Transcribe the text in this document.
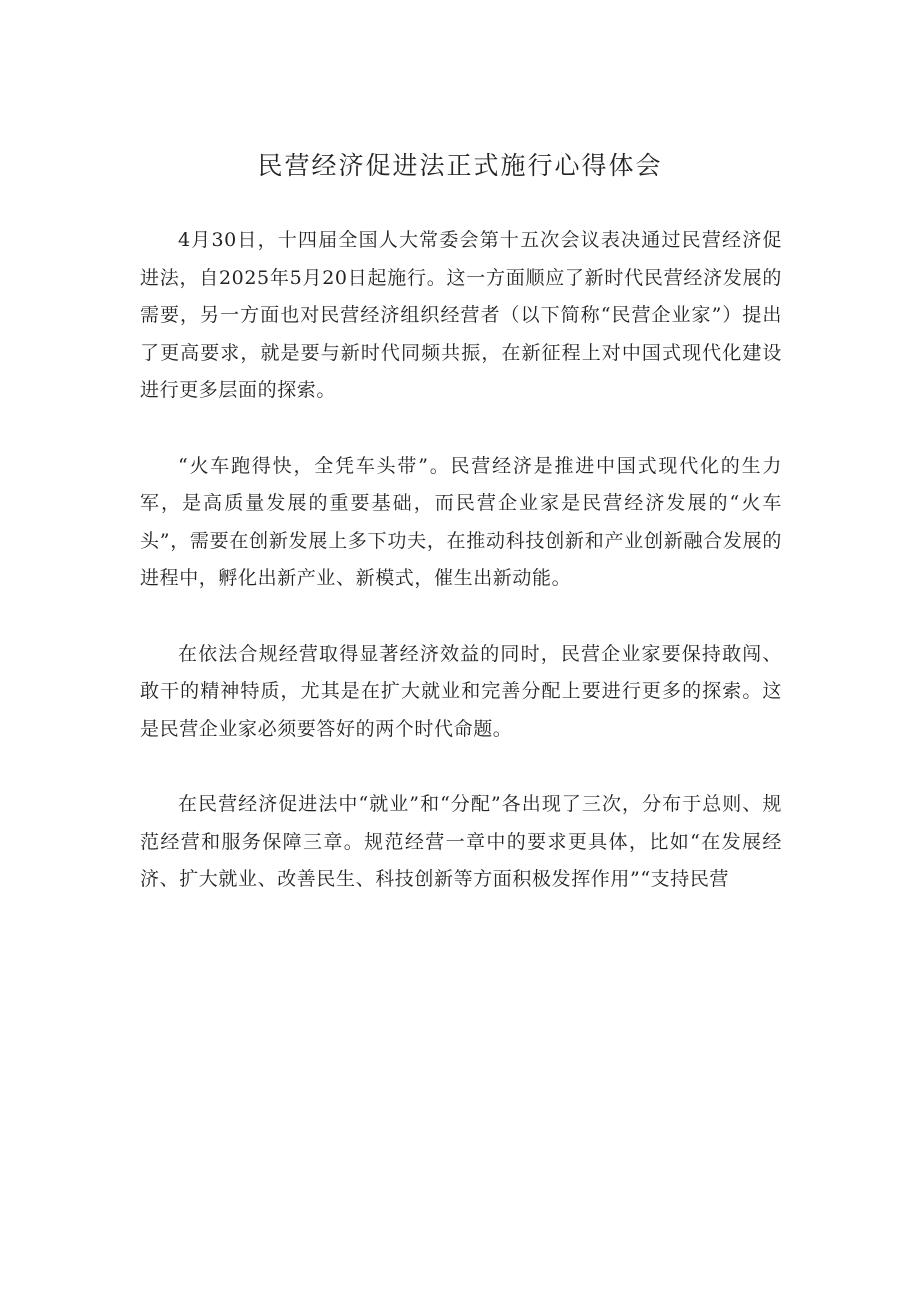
民营经济促进法正式施行心得体会

4月30日，十四届全国人大常委会第十五次会议表决通过民营经济促进法，自2025年5月20日起施行。这一方面顺应了新时代民营经济发展的需要，另一方面也对民营经济组织经营者（以下简称“民营企业家”）提出了更高要求，就是要与新时代同频共振，在新征程上对中国式现代化建设进行更多层面的探索。

“火车跑得快，全凭车头带”。民营经济是推进中国式现代化的生力军，是高质量发展的重要基础，而民营企业家是民营经济发展的“火车头”，需要在创新发展上多下功夫，在推动科技创新和产业创新融合发展的进程中，孵化出新产业、新模式，催生出新动能。

在依法合规经营取得显著经济效益的同时，民营企业家要保持敢闯、敢干的精神特质，尤其是在扩大就业和完善分配上要进行更多的探索。这是民营企业家必须要答好的两个时代命题。

在民营经济促进法中“就业”和“分配”各出现了三次，分布于总则、规范经营和服务保障三章。规范经营一章中的要求更具体，比如“在发展经济、扩大就业、改善民生、科技创新等方面积极发挥作用”“支持民营
